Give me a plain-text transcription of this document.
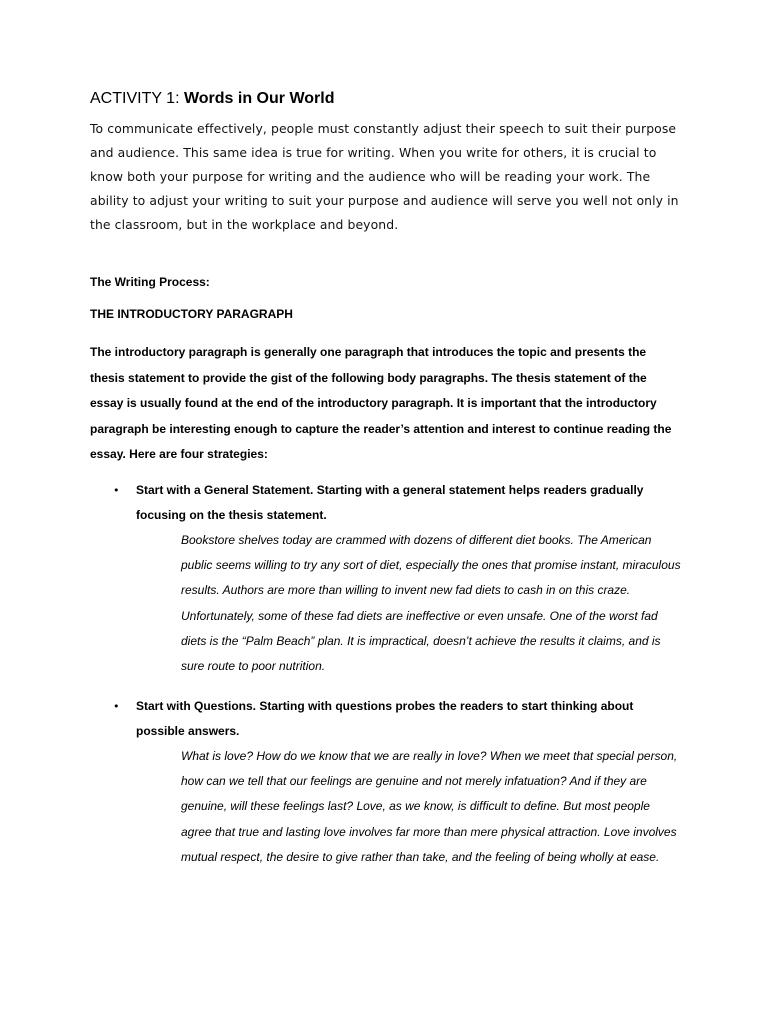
ACTIVITY 1: Words in Our World

To communicate effectively, people must constantly adjust their speech to suit their purpose and audience. This same idea is true for writing. When you write for others, it is crucial to know both your purpose for writing and the audience who will be reading your work. The ability to adjust your writing to suit your purpose and audience will serve you well not only in the classroom, but in the workplace and beyond.

The Writing Process:
THE INTRODUCTORY PARAGRAPH

The introductory paragraph is generally one paragraph that introduces the topic and presents the thesis statement to provide the gist of the following body paragraphs. The thesis statement of the essay is usually found at the end of the introductory paragraph. It is important that the introductory paragraph be interesting enough to capture the reader’s attention and interest to continue reading the essay. Here are four strategies:

• Start with a General Statement. Starting with a general statement helps readers gradually focusing on the thesis statement.

Bookstore shelves today are crammed with dozens of different diet books. The American public seems willing to try any sort of diet, especially the ones that promise instant, miraculous results. Authors are more than willing to invent new fad diets to cash in on this craze. Unfortunately, some of these fad diets are ineffective or even unsafe. One of the worst fad diets is the “Palm Beach” plan. It is impractical, doesn’t achieve the results it claims, and is sure route to poor nutrition.

• Start with Questions. Starting with questions probes the readers to start thinking about possible answers.

What is love? How do we know that we are really in love? When we meet that special person, how can we tell that our feelings are genuine and not merely infatuation? And if they are genuine, will these feelings last? Love, as we know, is difficult to define. But most people agree that true and lasting love involves far more than mere physical attraction. Love involves mutual respect, the desire to give rather than take, and the feeling of being wholly at ease.
